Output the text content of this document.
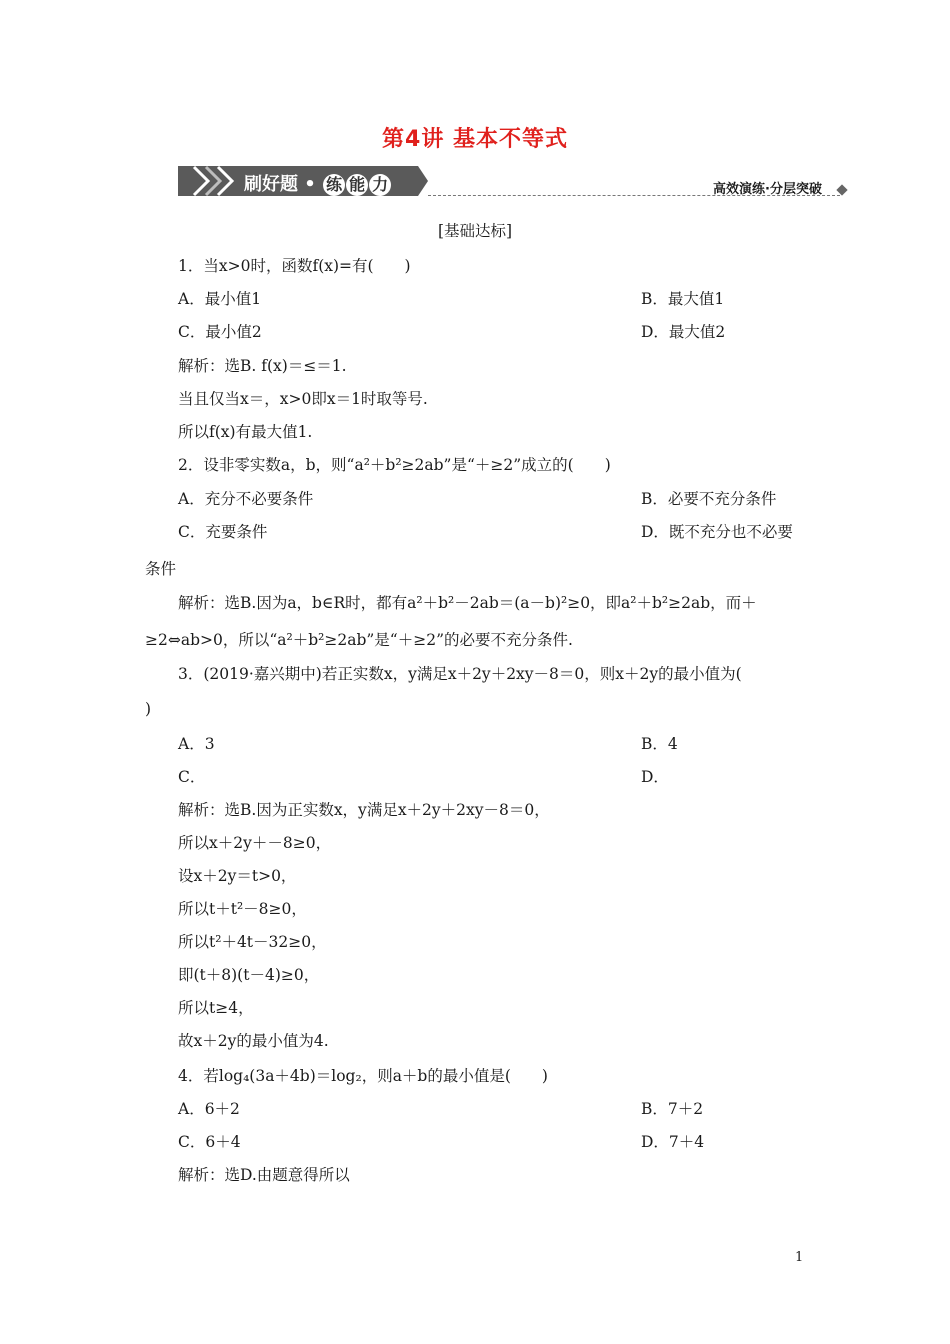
第4讲 基本不等式
刷好题 • 练 能 力	高效演练·分层突破
[基础达标]
1．当x>0时，函数f(x)=有(　　)
A．最小值1	B．最大值1
C．最小值2	D．最大值2
解析：选B. f(x)＝≤＝1.
当且仅当x＝，x>0即x＝1时取等号.
所以f(x)有最大值1.
2．设非零实数a，b，则“a²＋b²≥2ab”是“＋≥2”成立的(　　)
A．充分不必要条件	B．必要不充分条件
C．充要条件	D．既不充分也不必要
条件
解析：选B.因为a，b∈R时，都有a²＋b²－2ab＝(a－b)²≥0，即a²＋b²≥2ab，而＋
≥2⇔ab>0，所以“a²＋b²≥2ab”是“＋≥2”的必要不充分条件.
3．(2019·嘉兴期中)若正实数x，y满足x＋2y＋2xy－8＝0，则x＋2y的最小值为(
)
A．3	B．4
C．	D．
解析：选B.因为正实数x，y满足x＋2y＋2xy－8＝0，
所以x＋2y＋－8≥0，
设x＋2y＝t>0，
所以t＋t²－8≥0，
所以t²＋4t－32≥0，
即(t＋8)(t－4)≥0，
所以t≥4，
故x＋2y的最小值为4.
4．若log₄(3a＋4b)＝log₂，则a＋b的最小值是(　　)
A．6＋2	B．7＋2
C．6＋4	D．7＋4
解析：选D.由题意得所以
1
